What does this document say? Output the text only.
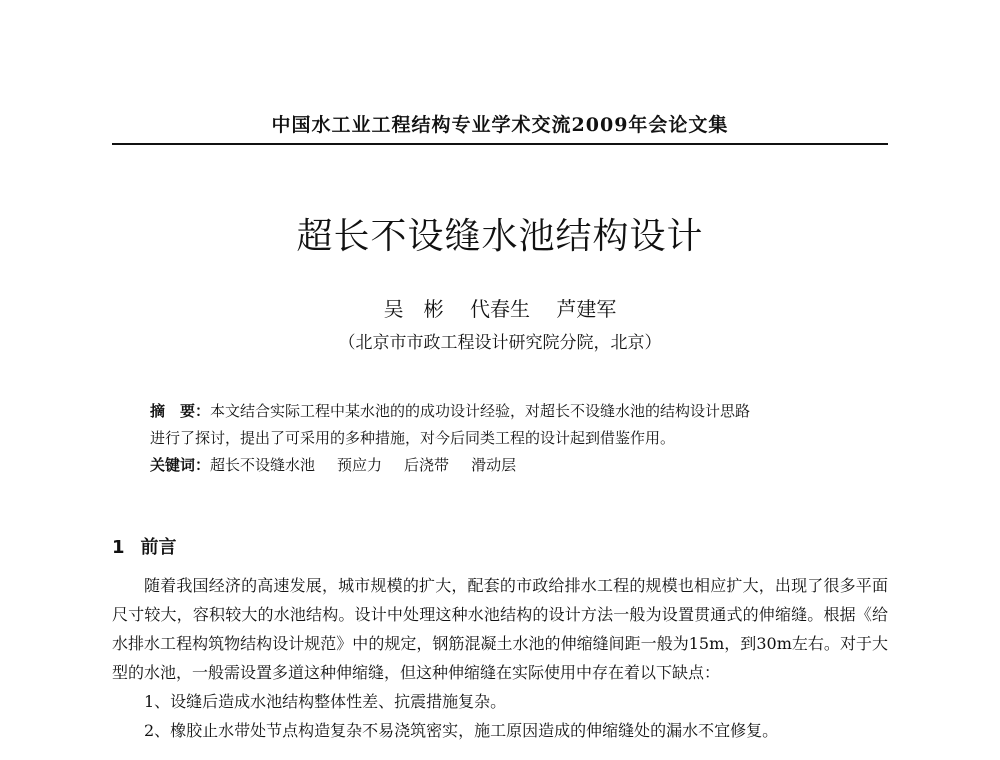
中国水工业工程结构专业学术交流2009年会论文集
超长不设缝水池结构设计
吴　彬 代春生 芦建军
（北京市市政工程设计研究院分院，北京）
摘　要：本文结合实际工程中某水池的的成功设计经验，对超长不设缝水池的结构设计思路
进行了探讨，提出了可采用的多种措施，对今后同类工程的设计起到借鉴作用。
关键词：超长不设缝水池 预应力 后浇带 滑动层
1 前言

随着我国经济的高速发展，城市规模的扩大，配套的市政给排水工程的规模也相应扩大，出现了很多平面尺寸较大，容积较大的水池结构。设计中处理这种水池结构的设计方法一般为设置贯通式的伸缩缝。根据《给水排水工程构筑物结构设计规范》中的规定，钢筋混凝土水池的伸缩缝间距一般为15m，到30m左右。对于大型的水池，一般需设置多道这种伸缩缝，但这种伸缩缝在实际使用中存在着以下缺点：

1、设缝后造成水池结构整体性差、抗震措施复杂。

2、橡胶止水带处节点构造复杂不易浇筑密实，施工原因造成的伸缩缝处的漏水不宜修复。
